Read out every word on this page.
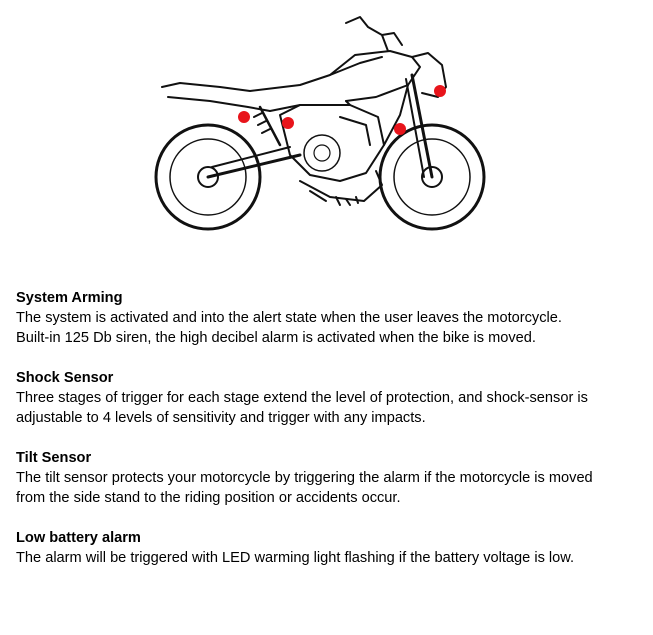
System Arming

The system is activated and into the alert state when the user leaves the motorcycle.
Built-in 125 Db siren, the high decibel alarm is activated when the bike is moved.

Shock Sensor

Three stages of trigger for each stage extend the level of protection, and shock-sensor is
adjustable to 4 levels of sensitivity and trigger with any impacts.

Tilt Sensor

The tilt sensor protects your motorcycle by triggering the alarm if the motorcycle is moved
from the side stand to the riding position or accidents occur.

Low battery alarm

The alarm will be triggered with LED warming light flashing if the battery voltage is low.
